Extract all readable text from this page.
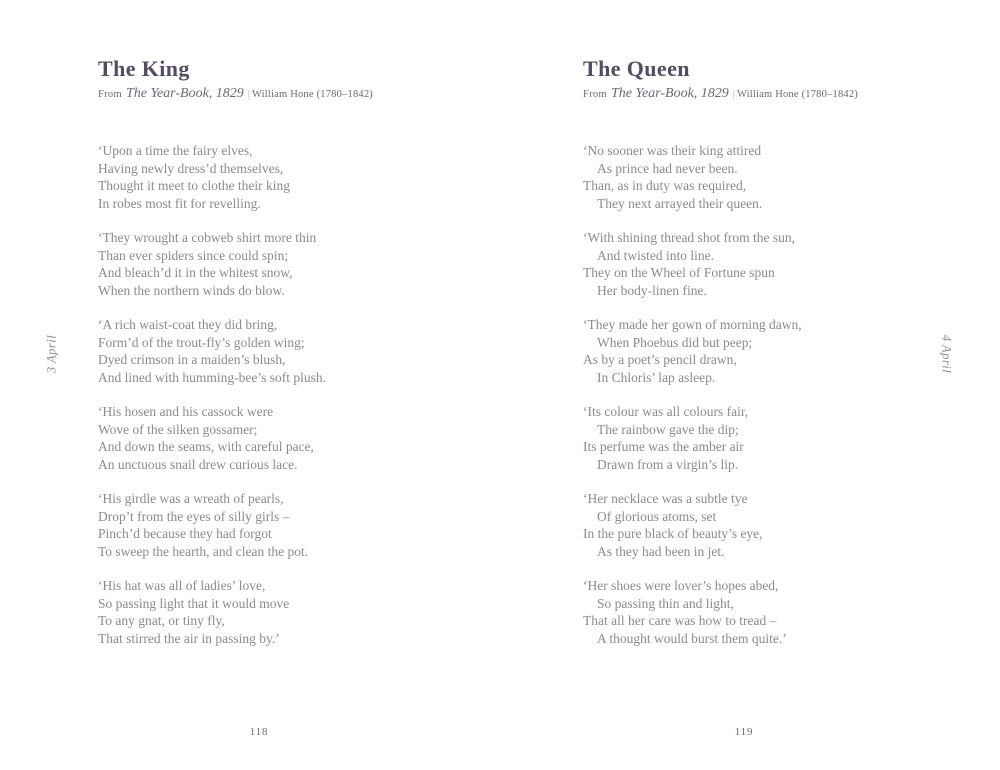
3 April
The King

From The Year-Book, 1829 | William Hone (1780–1842)

‘Upon a time the fairy elves,
Having newly dress’d themselves,
Thought it meet to clothe their king
In robes most fit for revelling.
‘They wrought a cobweb shirt more thin
Than ever spiders since could spin;
And bleach’d it in the whitest snow,
When the northern winds do blow.
‘A rich waist-coat they did bring,
Form’d of the trout-fly’s golden wing;
Dyed crimson in a maiden’s blush,
And lined with humming-bee’s soft plush.
‘His hosen and his cassock were
Wove of the silken gossamer;
And down the seams, with careful pace,
An unctuous snail drew curious lace.
‘His girdle was a wreath of pearls,
Drop’t from the eyes of silly girls –
Pinch’d because they had forgot
To sweep the hearth, and clean the pot.
‘His hat was all of ladies’ love,
So passing light that it would move
To any gnat, or tiny fly,
That stirred the air in passing by.’
118
4 April
The Queen

From The Year-Book, 1829 | William Hone (1780–1842)

‘No sooner was their king attired
As prince had never been.
Than, as in duty was required,
They next arrayed their queen.
‘With shining thread shot from the sun,
And twisted into line.
They on the Wheel of Fortune spun
Her body-linen fine.
‘They made her gown of morning dawn,
When Phoebus did but peep;
As by a poet’s pencil drawn,
In Chloris’ lap asleep.
‘Its colour was all colours fair,
The rainbow gave the dip;
Its perfume was the amber air
Drawn from a virgin’s lip.
‘Her necklace was a subtle tye
Of glorious atoms, set
In the pure black of beauty’s eye,
As they had been in jet.
‘Her shoes were lover’s hopes abed,
So passing thin and light,
That all her care was how to tread –
A thought would burst them quite.’
119
